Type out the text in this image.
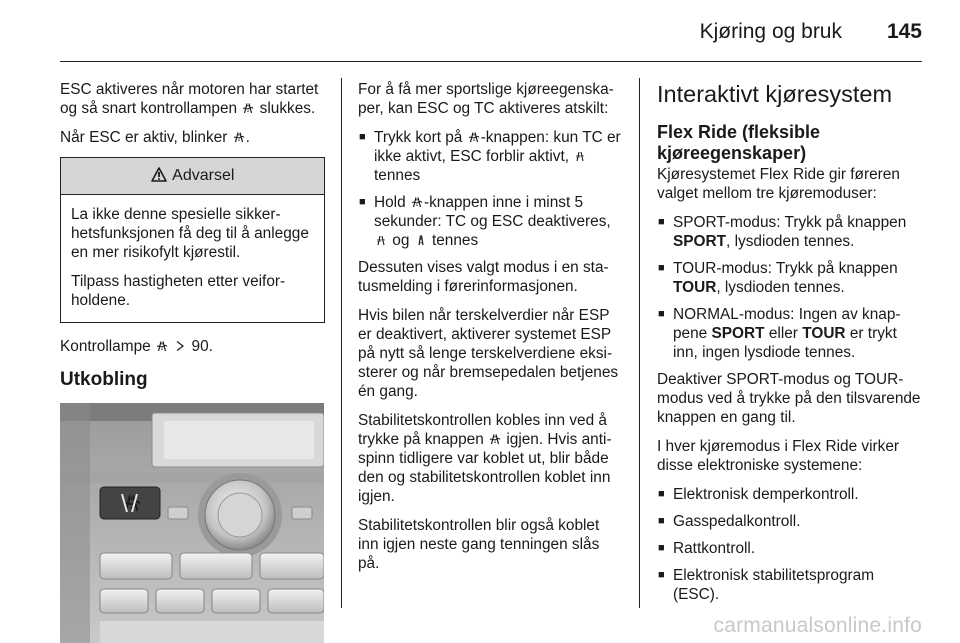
Kjøring og bruk 145

ESC aktiveres når motoren har startet og så snart kontrollampen slukkes.

Når ESC er aktiv, blinker .

Advarsel

La ikke denne spesielle sikkerhetsfunksjonen få deg til å anlegge en mer risikofylt kjørestil.

Tilpass hastigheten etter veiforholdene.

Kontrollampe	90.

Utkobling

For å få mer sportslige kjøreegenskaper, kan ESC og TC aktiveres atskilt:

■ Trykk kort på -knappen: kun TC er ikke aktivt, ESC forblir aktivt,  tennes
■ Hold -knappen inne i minst 5 sekunder: TC og ESC deaktiveres,  og tennes

Dessuten vises valgt modus i en statusmelding i førerinformasjonen.

Hvis bilen når terskelverdier når ESP er deaktivert, aktiverer systemet ESP på nytt så lenge terskelverdiene eksisterer og når bremsepedalen betjenes én gang.

Stabilitetskontrollen kobles inn ved å trykke på knappen igjen. Hvis antispinn tidligere var koblet ut, blir både den og stabilitetskontrollen koblet inn igjen.

Stabilitetskontrollen blir også koblet inn igjen neste gang tenningen slås på.

Interaktivt kjøresystem
Flex Ride (fleksible kjøreegenskaper)

Kjøresystemet Flex Ride gir føreren valget mellom tre kjøremoduser:

■ SPORT-modus: Trykk på knappen SPORT, lysdioden tennes.
■ TOUR-modus: Trykk på knappen TOUR, lysdioden tennes.
■ NORMAL-modus: Ingen av knappene SPORT eller TOUR er trykt inn, ingen lysdiode tennes.

Deaktiver SPORT-modus og TOUR-modus ved å trykke på den tilsvarende knappen en gang til.

I hver kjøremodus i Flex Ride virker disse elektroniske systemene:

■ Elektronisk demperkontroll.
■ Gasspedalkontroll.
■ Rattkontroll.
■ Elektronisk stabilitetsprogram (ESC).
carmanualsonline.info
